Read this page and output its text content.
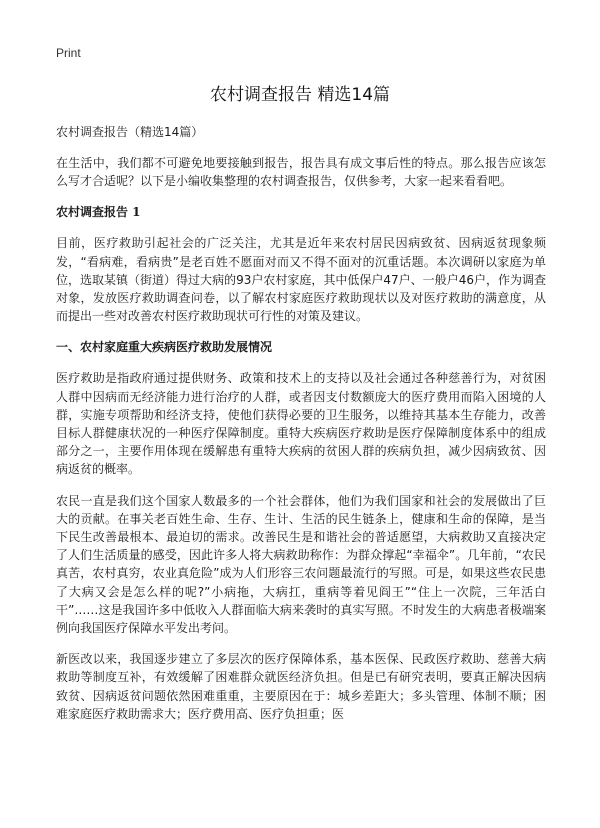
Print
农村调查报告 精选14篇
农村调查报告（精选14篇）

在生活中，我们都不可避免地要接触到报告，报告具有成文事后性的特点。那么报告应该怎么写才合适呢？以下是小编收集整理的农村调查报告，仅供参考，大家一起来看看吧。

农村调查报告 1

目前，医疗救助引起社会的广泛关注，尤其是近年来农村居民因病致贫、因病返贫现象频发，“看病难，看病贵”是老百姓不愿面对而又不得不面对的沉重话题。本次调研以家庭为单位，选取某镇（街道）得过大病的93户农村家庭，其中低保户47户、一般户46户，作为调查对象，发放医疗救助调查问卷，以了解农村家庭医疗救助现状以及对医疗救助的满意度，从而提出一些对改善农村医疗救助现状可行性的对策及建议。

一、农村家庭重大疾病医疗救助发展情况

医疗救助是指政府通过提供财务、政策和技术上的支持以及社会通过各种慈善行为，对贫困人群中因病而无经济能力进行治疗的人群，或者因支付数额庞大的医疗费用而陷入困境的人群，实施专项帮助和经济支持，使他们获得必要的卫生服务，以维持其基本生存能力，改善目标人群健康状况的一种医疗保障制度。重特大疾病医疗救助是医疗保障制度体系中的组成部分之一，主要作用体现在缓解患有重特大疾病的贫困人群的疾病负担，减少因病致贫、因病返贫的概率。

农民一直是我们这个国家人数最多的一个社会群体，他们为我们国家和社会的发展做出了巨大的贡献。在事关老百姓生命、生存、生计、生活的民生链条上，健康和生命的保障，是当下民生改善最根本、最迫切的需求。改善民生是和谐社会的普适愿望，大病救助又直接决定了人们生活质量的感受，因此许多人将大病救助称作：为群众撑起“幸福伞”。几年前，“农民真苦，农村真穷，农业真危险”成为人们形容三农问题最流行的写照。可是，如果这些农民患了大病又会是怎么样的呢?”小病拖，大病扛，重病等着见阎王”“住上一次院，三年活白干”……这是我国许多中低收入人群面临大病来袭时的真实写照。不时发生的大病患者极端案例向我国医疗保障水平发出考问。

新医改以来，我国逐步建立了多层次的医疗保障体系，基本医保、民政医疗救助、慈善大病救助等制度互补，有效缓解了困难群众就医经济负担。但是已有研究表明，要真正解决因病致贫、因病返贫问题依然困难重重，主要原因在于：城乡差距大；多头管理、体制不顺；困难家庭医疗救助需求大；医疗费用高、医疗负担重；医
